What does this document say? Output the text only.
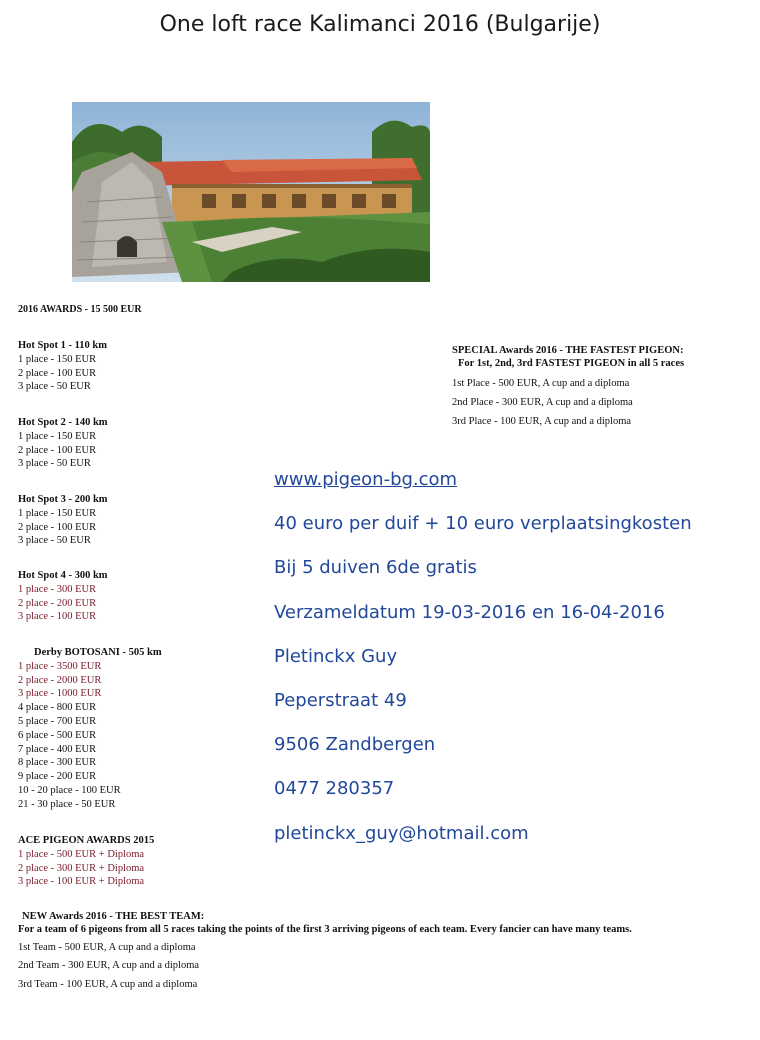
One loft race Kalimanci 2016 (Bulgarije)
2016 AWARDS - 15 500 EUR
Hot Spot 1 - 110 km
1 place - 150 EUR
2 place - 100 EUR
3 place - 50 EUR
Hot Spot 2 - 140 km
1 place - 150 EUR
2 place - 100 EUR
3 place - 50 EUR
Hot Spot 3 - 200 km
1 place - 150 EUR
2 place - 100 EUR
3 place - 50 EUR
Hot Spot 4 - 300 km
1 place - 300 EUR
2 place - 200 EUR
3 place - 100 EUR
Derby BOTOSANI - 505 km
1 place - 3500 EUR
2 place - 2000 EUR
3 place - 1000 EUR
4 place - 800 EUR
5 place - 700 EUR
6 place - 500 EUR
7 place - 400 EUR
8 place - 300 EUR
9 place - 200 EUR
10 - 20 place - 100 EUR
21 - 30 place - 50 EUR
ACE PIGEON AWARDS 2015
1 place - 500 EUR + Diploma
2 place - 300 EUR + Diploma
3 place - 100 EUR + Diploma
SPECIAL Awards 2016 - THE FASTEST PIGEON:
For 1st, 2nd, 3rd FASTEST PIGEON in all 5 races
1st Place - 500 EUR, A cup and a diploma
2nd Place - 300 EUR, A cup and a diploma
3rd Place - 100 EUR, A cup and a diploma
www.pigeon-bg.com
40 euro per duif + 10 euro verplaatsingkosten
Bij 5 duiven 6de gratis
Verzameldatum 19-03-2016 en 16-04-2016
Pletinckx Guy
Peperstraat 49
9506 Zandbergen
0477 280357
pletinckx_guy@hotmail.com
NEW Awards 2016 - THE BEST TEAM:
For a team of 6 pigeons from all 5 races taking the points of the first 3 arriving pigeons of each team. Every fancier can have many teams.
1st Team - 500 EUR, A cup and a diploma
2nd Team - 300 EUR, A cup and a diploma
3rd Team - 100 EUR, A cup and a diploma
